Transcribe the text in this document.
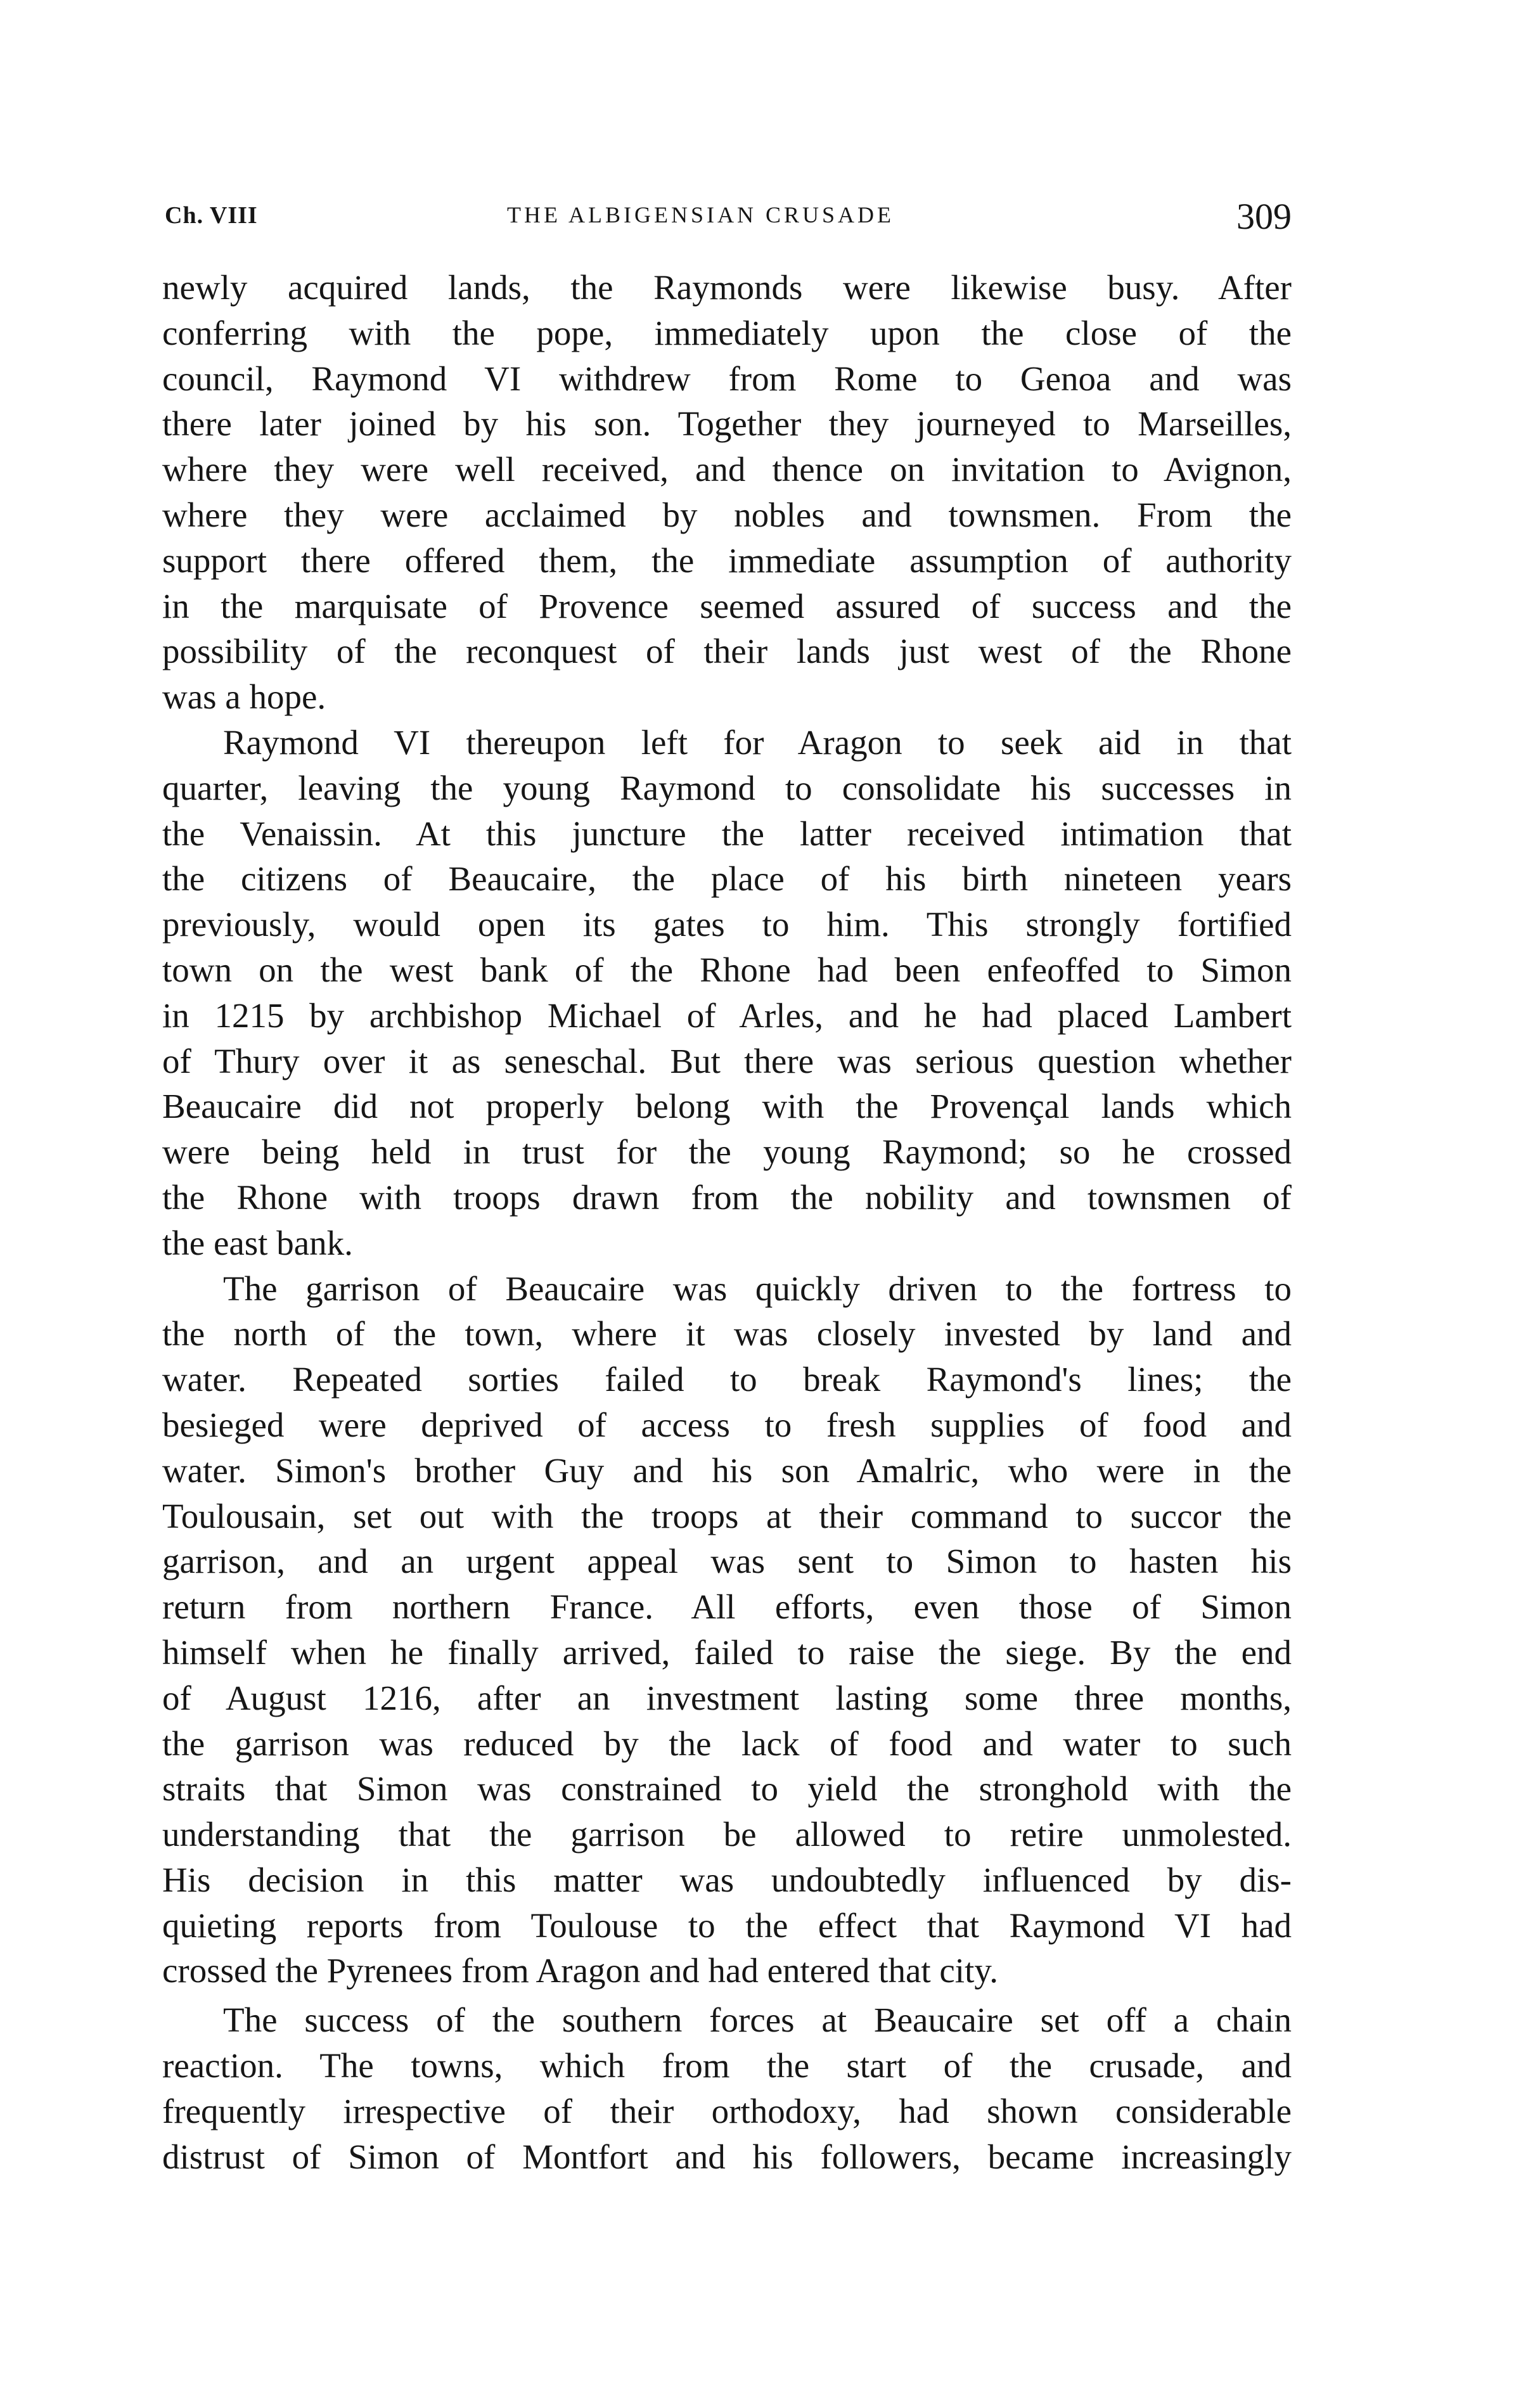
Ch. VIII	THE ALBIGENSIAN CRUSADE	309
newly acquired lands, the Raymonds were likewise busy. After
conferring with the pope, immediately upon the close of the
council, Raymond VI withdrew from Rome to Genoa and was
there later joined by his son. Together they journeyed to Marseilles,
where they were well received, and thence on invitation to Avignon,
where they were acclaimed by nobles and townsmen. From the
support there offered them, the immediate assumption of authority
in the marquisate of Provence seemed assured of success and the
possibility of the reconquest of their lands just west of the Rhone
was a hope.
Raymond VI thereupon left for Aragon to seek aid in that
quarter, leaving the young Raymond to consolidate his successes in
the Venaissin. At this juncture the latter received intimation that
the citizens of Beaucaire, the place of his birth nineteen years
previously, would open its gates to him. This strongly fortified
town on the west bank of the Rhone had been enfeoffed to Simon
in 1215 by archbishop Michael of Arles, and he had placed Lambert
of Thury over it as seneschal. But there was serious question whether
Beaucaire did not properly belong with the Provençal lands which
were being held in trust for the young Raymond; so he crossed
the Rhone with troops drawn from the nobility and townsmen of
the east bank.
The garrison of Beaucaire was quickly driven to the fortress to
the north of the town, where it was closely invested by land and
water. Repeated sorties failed to break Raymond's lines; the
besieged were deprived of access to fresh supplies of food and
water. Simon's brother Guy and his son Amalric, who were in the
Toulousain, set out with the troops at their command to succor the
garrison, and an urgent appeal was sent to Simon to hasten his
return from northern France. All efforts, even those of Simon
himself when he finally arrived, failed to raise the siege. By the end
of August 1216, after an investment lasting some three months,
the garrison was reduced by the lack of food and water to such
straits that Simon was constrained to yield the stronghold with the
understanding that the garrison be allowed to retire unmolested.
His decision in this matter was undoubtedly influenced by dis-
quieting reports from Toulouse to the effect that Raymond VI had
crossed the Pyrenees from Aragon and had entered that city.
The success of the southern forces at Beaucaire set off a chain
reaction. The towns, which from the start of the crusade, and
frequently irrespective of their orthodoxy, had shown considerable
distrust of Simon of Montfort and his followers, became increasingly
